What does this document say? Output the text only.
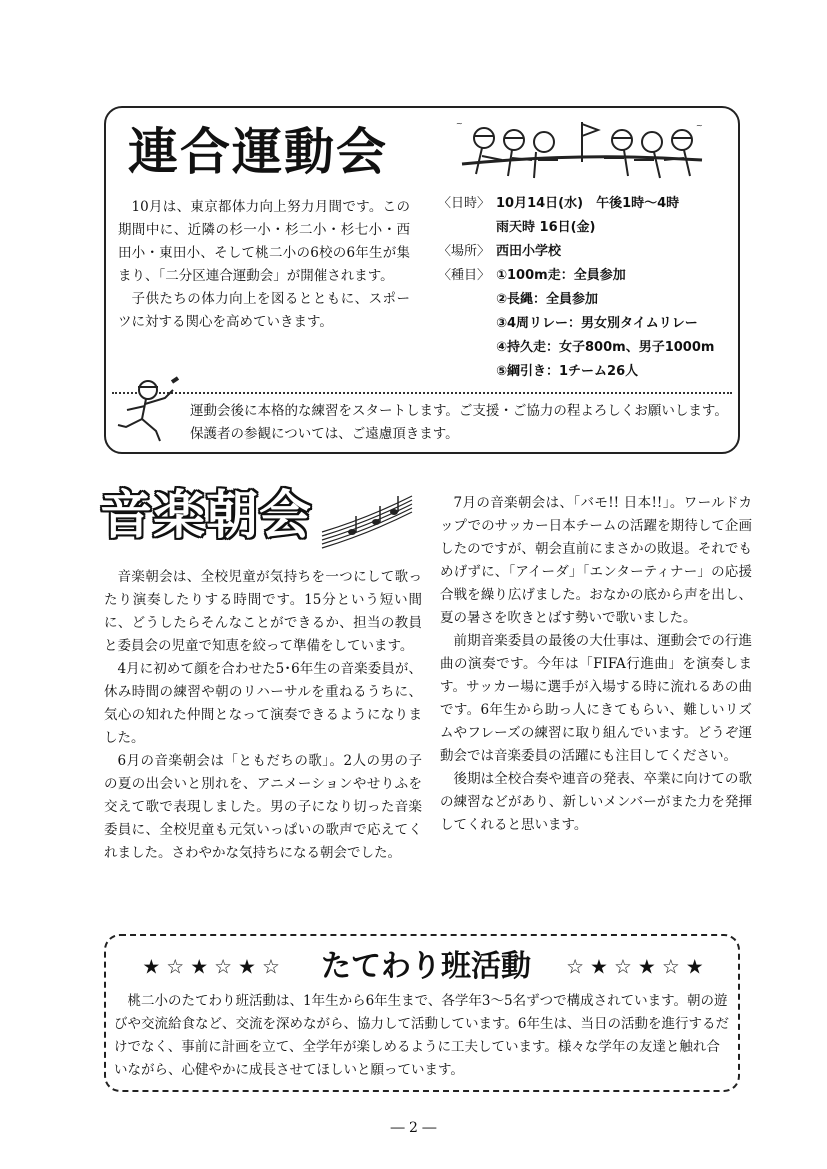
連合運動会	~	~

10月は、東京都体力向上努力月間です。この期間中に、近隣の杉一小・杉二小・杉七小・西田小・東田小、そして桃二小の6校の6年生が集まり、「二分区連合運動会」が開催されます。

子供たちの体力向上を図るとともに、スポーツに対する関心を高めていきます。

〈日時〉 10月14日(水)　午後1時～4時
雨天時 16日(金)
〈場所〉 西田小学校
〈種目〉 ①100m走：全員参加
②長縄：全員参加
③4周リレー：男女別タイムリレー
④持久走：女子800m、男子1000m
⑤綱引き：1チーム26人
運動会後に本格的な練習をスタートします。ご支援・ご協力の程よろしくお願いします。
保護者の参観については、ご遠慮頂きます。
音楽朝会

音楽朝会は、全校児童が気持ちを一つにして歌ったり演奏したりする時間です。15分という短い間に、どうしたらそんなことができるか、担当の教員と委員会の児童で知恵を絞って準備をしています。

4月に初めて顔を合わせた5･6年生の音楽委員が、休み時間の練習や朝のリハーサルを重ねるうちに、気心の知れた仲間となって演奏できるようになりました。

6月の音楽朝会は「ともだちの歌」。2人の男の子の夏の出会いと別れを、アニメーションやせりふを交えて歌で表現しました。男の子になり切った音楽委員に、全校児童も元気いっぱいの歌声で応えてくれました。さわやかな気持ちになる朝会でした。

7月の音楽朝会は、「バモ!! 日本!!」。ワールドカップでのサッカー日本チームの活躍を期待して企画したのですが、朝会直前にまさかの敗退。それでもめげずに、「アイーダ」「エンターティナー」の応援合戦を繰り広げました。おなかの底から声を出し、夏の暑さを吹きとばす勢いで歌いました。

前期音楽委員の最後の大仕事は、運動会での行進曲の演奏です。今年は「FIFA行進曲」を演奏します。サッカー場に選手が入場する時に流れるあの曲です。6年生から助っ人にきてもらい、難しいリズムやフレーズの練習に取り組んでいます。どうぞ運動会では音楽委員の活躍にも注目してください。

後期は全校合奏や連音の発表、卒業に向けての歌の練習などがあり、新しいメンバーがまた力を発揮してくれると思います。

★☆★☆★☆ たてわり班活動 ☆★☆★☆★

桃二小のたてわり班活動は、1年生から6年生まで、各学年3～5名ずつで構成されています。朝の遊びや交流給食など、交流を深めながら、協力して活動しています。6年生は、当日の活動を進行するだけでなく、事前に計画を立て、全学年が楽しめるように工夫しています。様々な学年の友達と触れ合いながら、心健やかに成長させてほしいと願っています。

― 2 ―
